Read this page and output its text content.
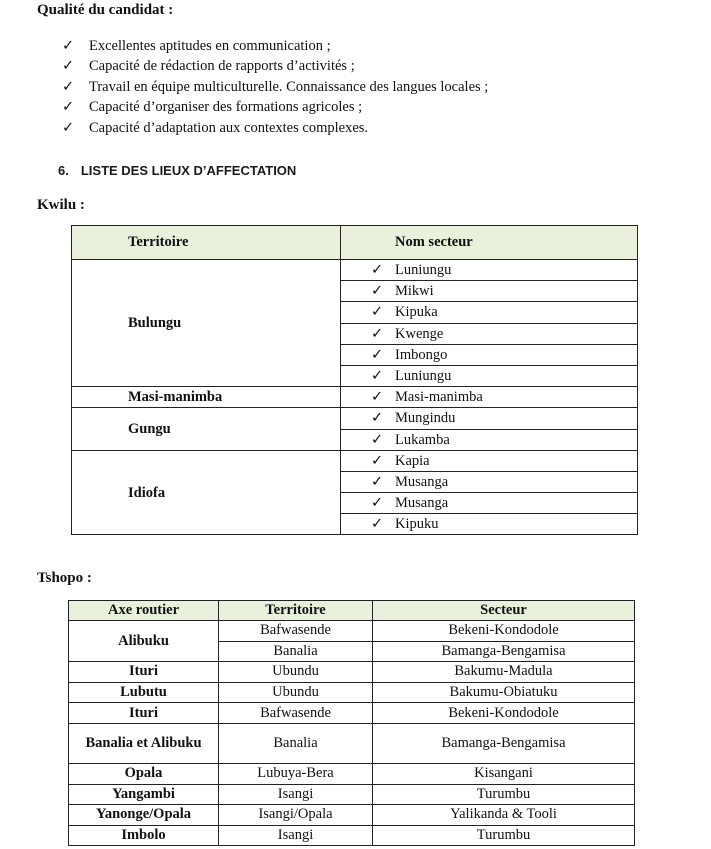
Qualité du candidat :
✓ Excellentes aptitudes en communication ;
✓ Capacité de rédaction de rapports d’activités ;
✓ Travail en équipe multiculturelle. Connaissance des langues locales ;
✓ Capacité d’organiser des formations agricoles ;
✓ Capacité d’adaptation aux contextes complexes.
6. LISTE DES LIEUX D’AFFECTATION
Kwilu :
Territoire	Nom secteur
Bulungu	✓ Luniungu
	✓ Mikwi
	✓ Kipuka
	✓ Kwenge
	✓ Imbongo
	✓ Luniungu
Masi-manimba	✓ Masi-manimba
Gungu	✓ Mungindu
	✓ Lukamba
Idiofa	✓ Kapia
	✓ Musanga
	✓ Musanga
	✓ Kipuku
Tshopo :
Axe routier	Territoire	Secteur
Alibuku	Bafwasende	Bekeni-Kondodole
	Banalia	Bamanga-Bengamisa
Ituri	Ubundu	Bakumu-Madula
Lubutu	Ubundu	Bakumu-Obiatuku
Ituri	Bafwasende	Bekeni-Kondodole
Banalia et Alibuku	Banalia	Bamanga-Bengamisa
Opala	Lubuya-Bera	Kisangani
Yangambi	Isangi	Turumbu
Yanonge/Opala	Isangi/Opala	Yalikanda & Tooli
Imbolo	Isangi	Turumbu
